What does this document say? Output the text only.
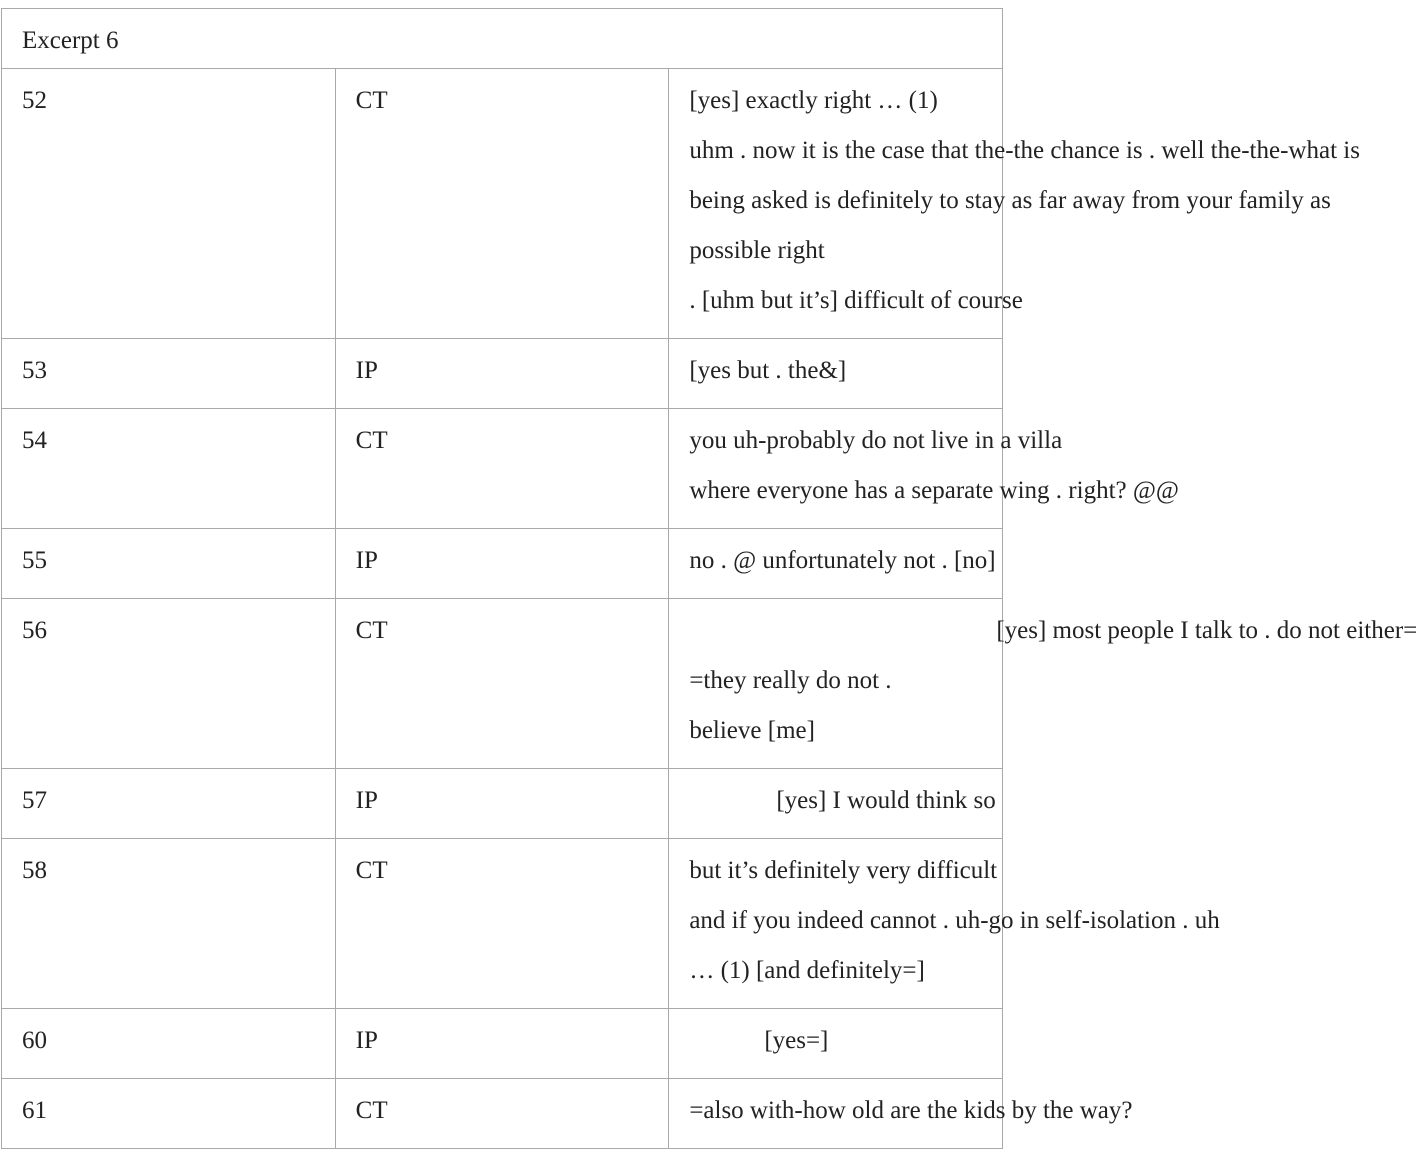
Excerpt 6		

52	CT	[yes] exactly right … (1)
uhm . now it is the case that the-the chance is . well the-the-what is
being asked is definitely to stay as far away from your family as
possible right
. [uhm but it’s] difficult of course

53	IP	[yes but . the&]

54	CT	you uh-probably do not live in a villa
where everyone has a separate wing . right? @@

55	IP	no . @ unfortunately not . [no]

56	CT	[yes] most people I talk to . do not either=
=they really do not .
believe [me]

57	IP	[yes] I would think so

58	CT	but it’s definitely very difficult
and if you indeed cannot . uh-go in self-isolation . uh
… (1) [and definitely=]

60	IP	[yes=]

61	CT	=also with-how old are the kids by the way?
